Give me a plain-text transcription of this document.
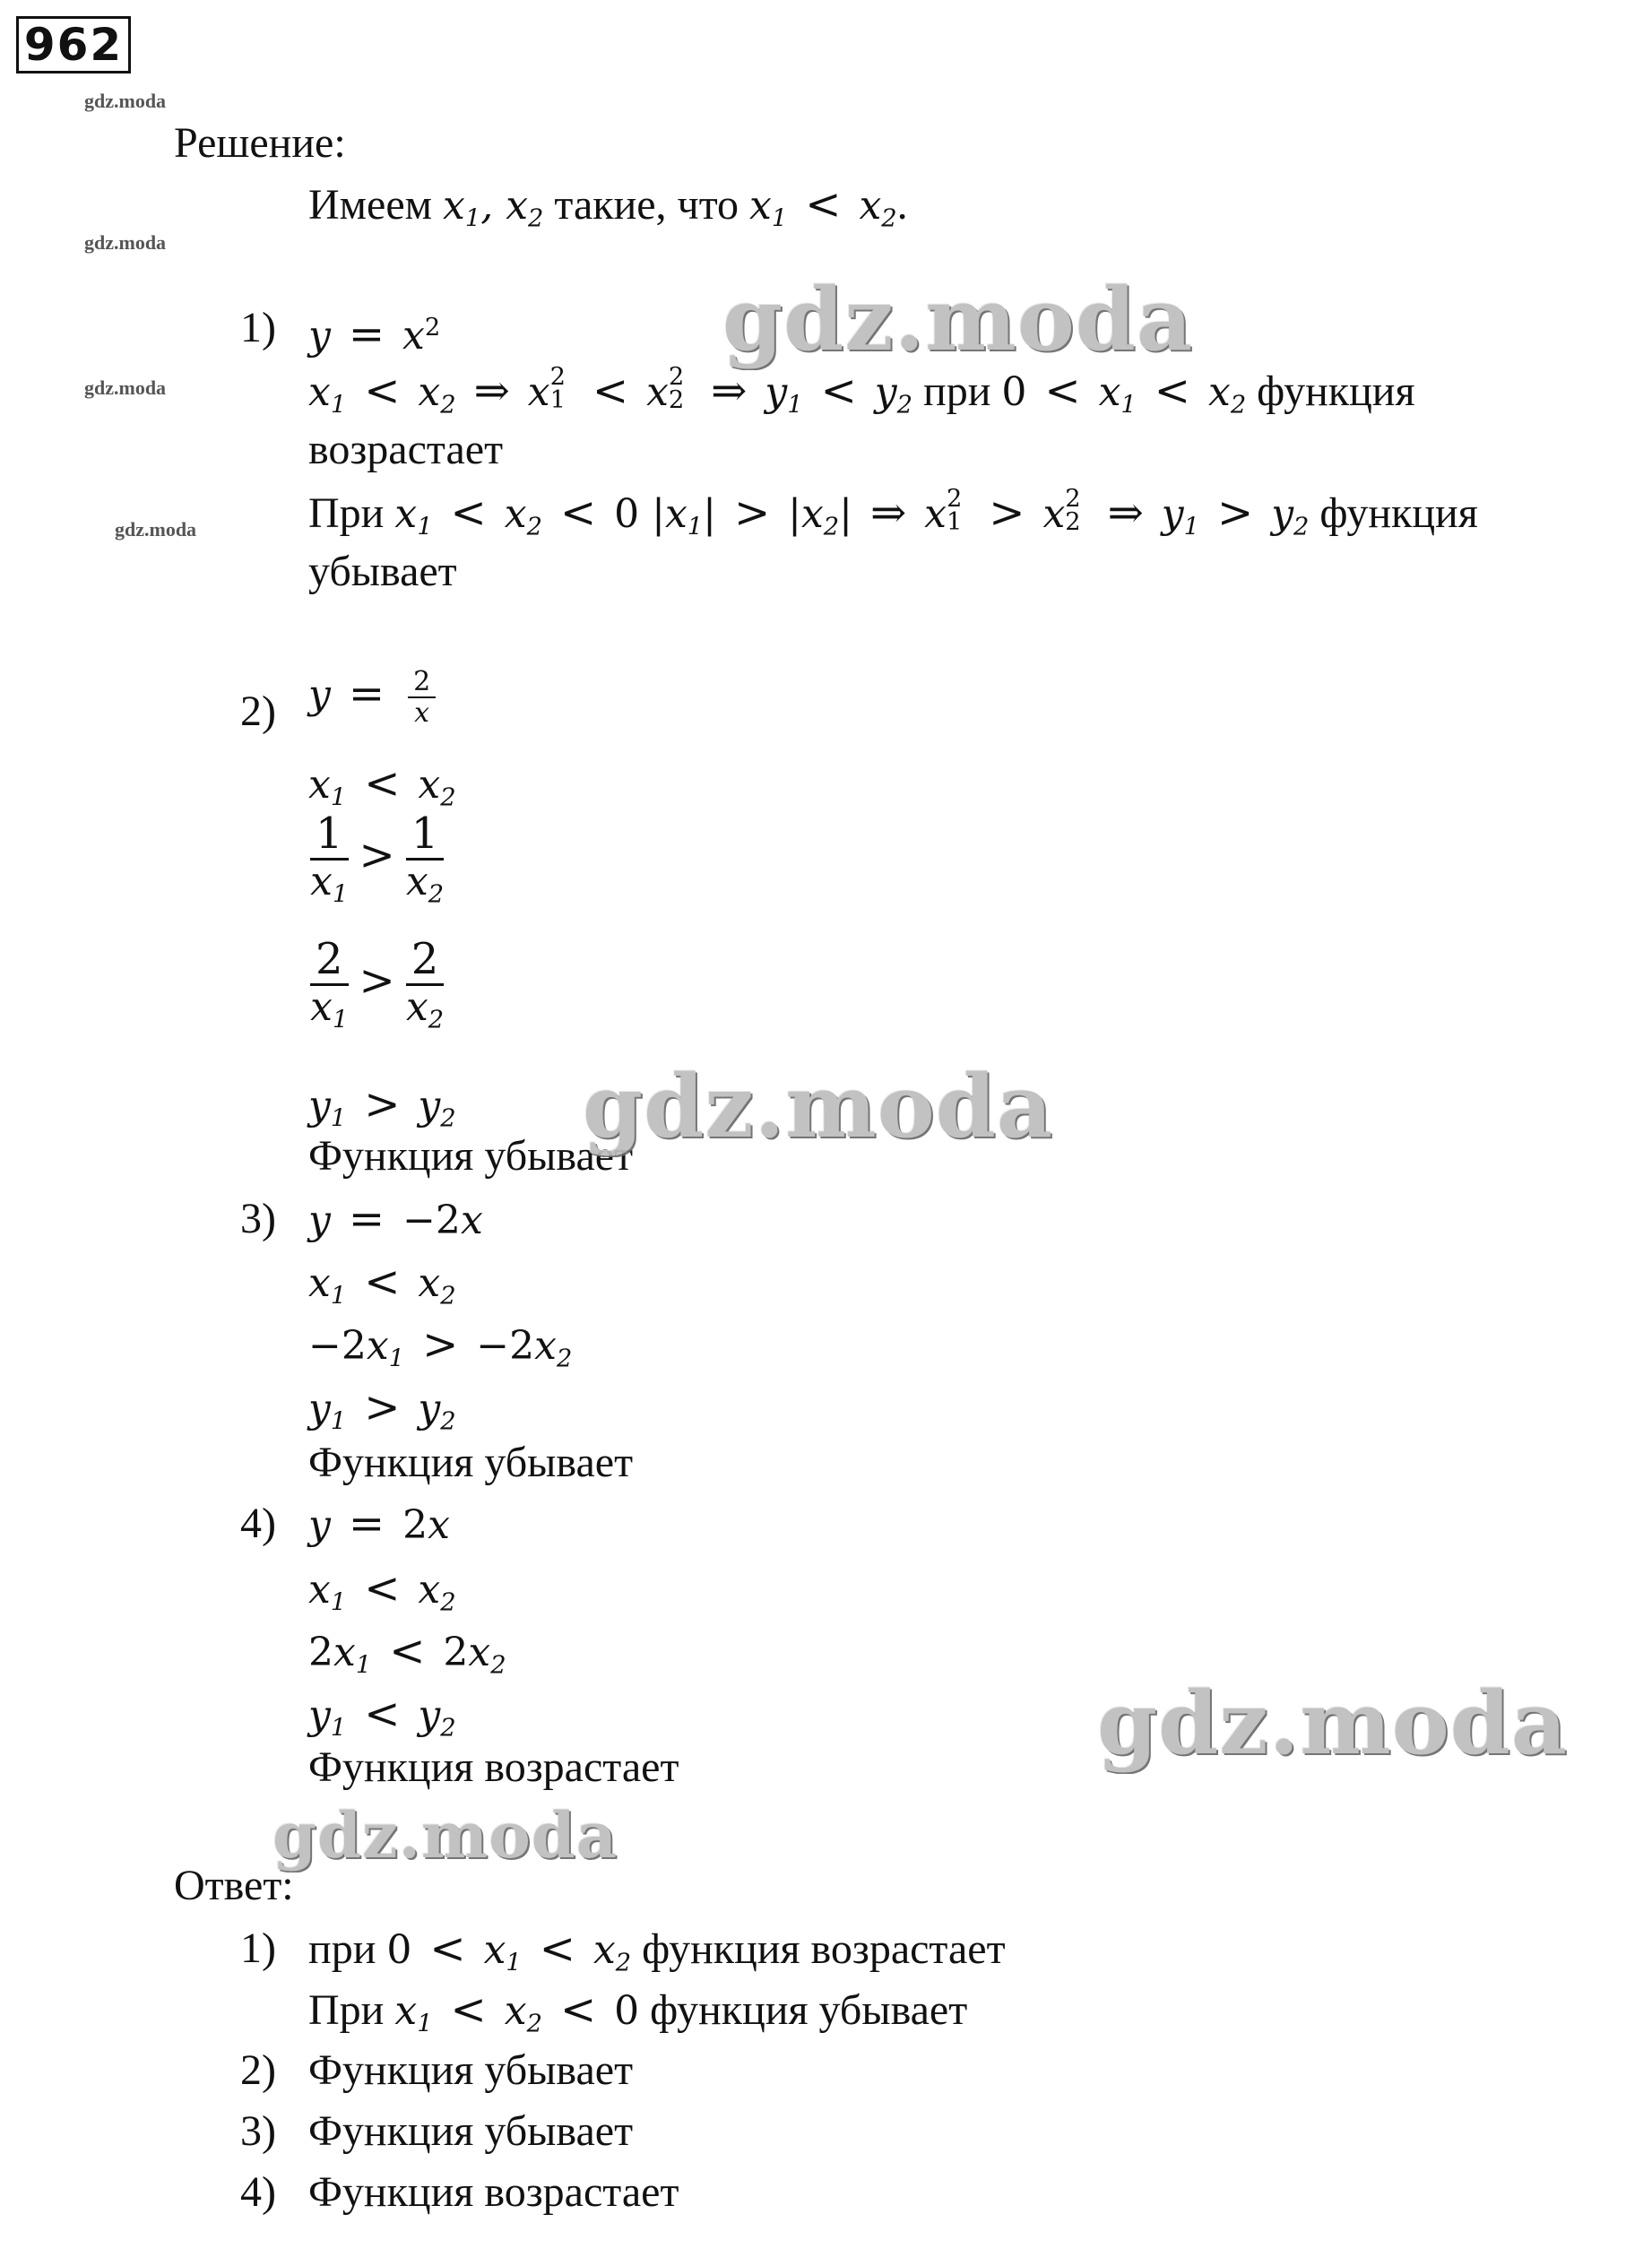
962
gdz.moda
gdz.moda
gdz.moda
gdz.moda
Решение:
Имеем $x_1$, $x_2$ такие, что $x_1 < x_2$.
1) $y = x^2$
$x_1 < x_2$ ⇒ x 2
1 < x 2
2 ⇒ $y_1 < y_2$ при $0 < x_1 < x_2$ функция
возрастает
При $x_1 < x_2 < 0$ $|x_1| > |x_2|$ ⇒ x 2
1 > x 2
2 ⇒ $y_1 > y_2$ функция
убывает
2) $y = \frac{2}{x}$
$x_1 < x_2$
$\frac{1}{x_1} > \frac{1}{x_2}$
$\frac{2}{x_1} > \frac{2}{x_2}$
$y_1 > y_2$
Функция убывает
3) y = −2x
$x_1 < x_2$
$-2x_1 > -2x_2$
$y_1 > y_2$
Функция убывает
4) y = 2x
$x_1 < x_2$
$2x_1 < 2x_2$
$y_1 < y_2$
Функция возрастает
Ответ:
1) при $0 < x_1 < x_2$ функция возрастает
При $x_1 < x_2 < 0$ функция убывает
2) Функция убывает
3) Функция убывает
4) Функция возрастает
gdz.moda
gdz.moda
gdz.moda
gdz.moda
